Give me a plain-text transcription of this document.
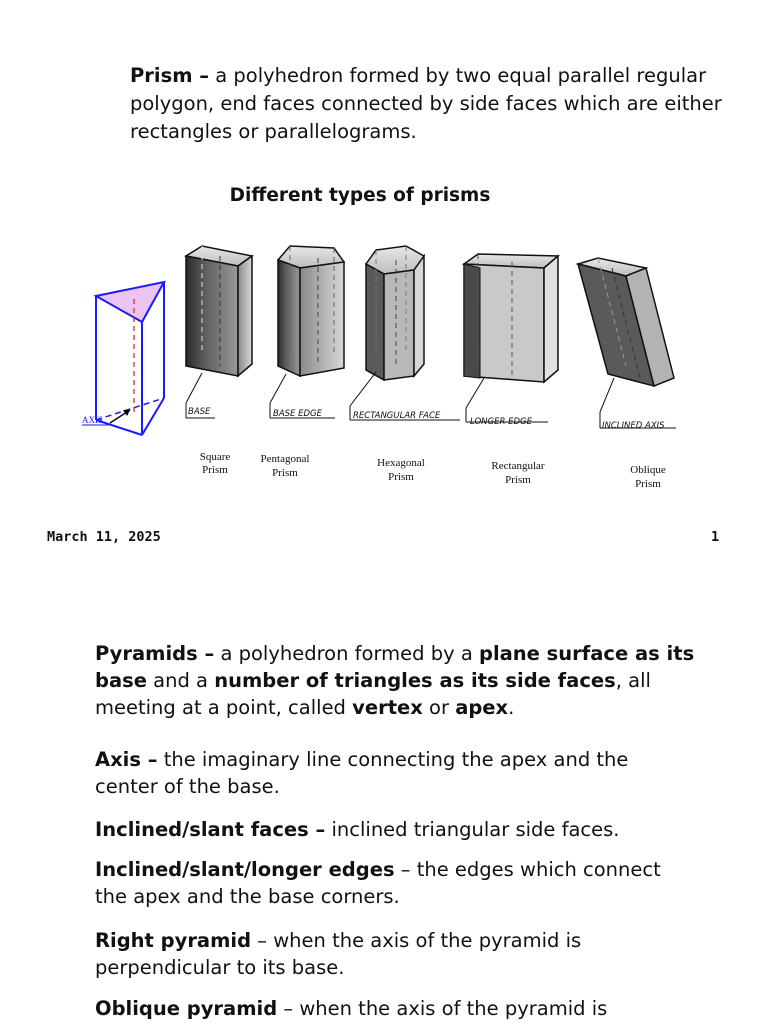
Prism – a polyhedron formed by two equal parallel regular polygon, end faces connected by side faces which are either rectangles or parallelograms.

Different types of prisms
AXIS
BASE	BASE EDGE	RECTANGULAR FACE
LONGER EDGE	INCLINED AXIS
Square
Prism
Pentagonal
Prism
Hexagonal
Prism
Rectangular
Prism
Oblique
Prism
March 11, 2025	1

Pyramids – a polyhedron formed by a plane surface as its base and a number of triangles as its side faces, all meeting at a point, called vertex or apex.

Axis – the imaginary line connecting the apex and the center of the base.

Inclined/slant faces – inclined triangular side faces.

Inclined/slant/longer edges – the edges which connect the apex and the base corners.

Right pyramid – when the axis of the pyramid is perpendicular to its base.

Oblique pyramid – when the axis of the pyramid is
